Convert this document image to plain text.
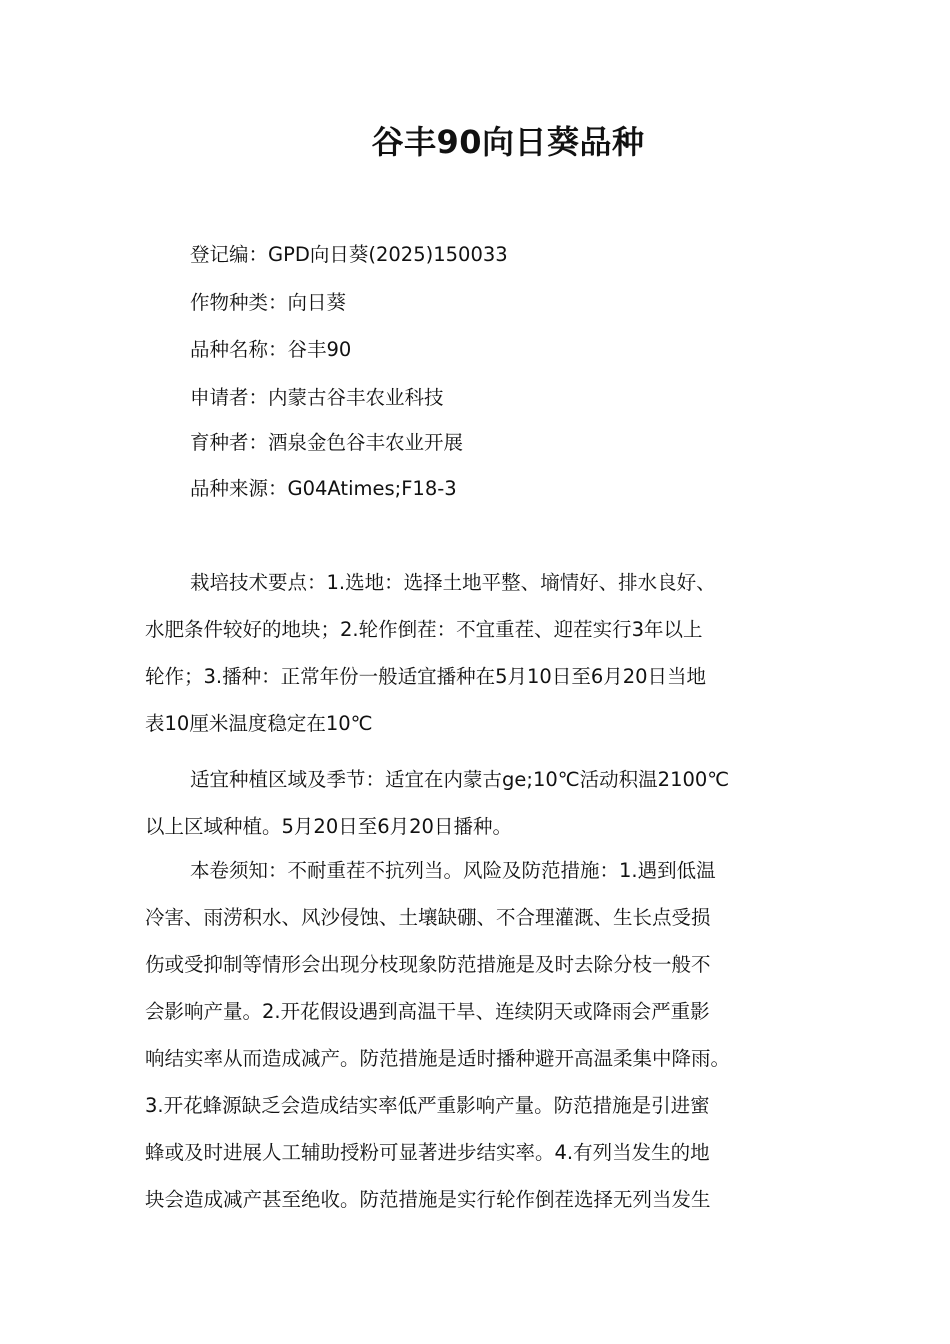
谷丰90向日葵品种
登记编：GPD向日葵(2025)150033
作物种类：向日葵
品种名称：谷丰90
申请者：内蒙古谷丰农业科技
育种者：酒泉金色谷丰农业开展
品种来源：G04Atimes;F18-3
栽培技术要点：1.选地：选择土地平整、墒情好、排水良好、
水肥条件较好的地块；2.轮作倒茬：不宜重茬、迎茬实行3年以上
轮作；3.播种：正常年份一般适宜播种在5月10日至6月20日当地
表10厘米温度稳定在10℃
适宜种植区域及季节：适宜在内蒙古ge;10℃活动积温2100℃
以上区域种植。5月20日至6月20日播种。
本卷须知：不耐重茬不抗列当。风险及防范措施：1.遇到低温
冷害、雨涝积水、风沙侵蚀、土壤缺硼、不合理灌溉、生长点受损
伤或受抑制等情形会出现分枝现象防范措施是及时去除分枝一般不
会影响产量。2.开花假设遇到高温干旱、连续阴天或降雨会严重影
响结实率从而造成减产。防范措施是适时播种避开高温柔集中降雨。
3.开花蜂源缺乏会造成结实率低严重影响产量。防范措施是引进蜜
蜂或及时进展人工辅助授粉可显著进步结实率。4.有列当发生的地
块会造成减产甚至绝收。防范措施是实行轮作倒茬选择无列当发生
